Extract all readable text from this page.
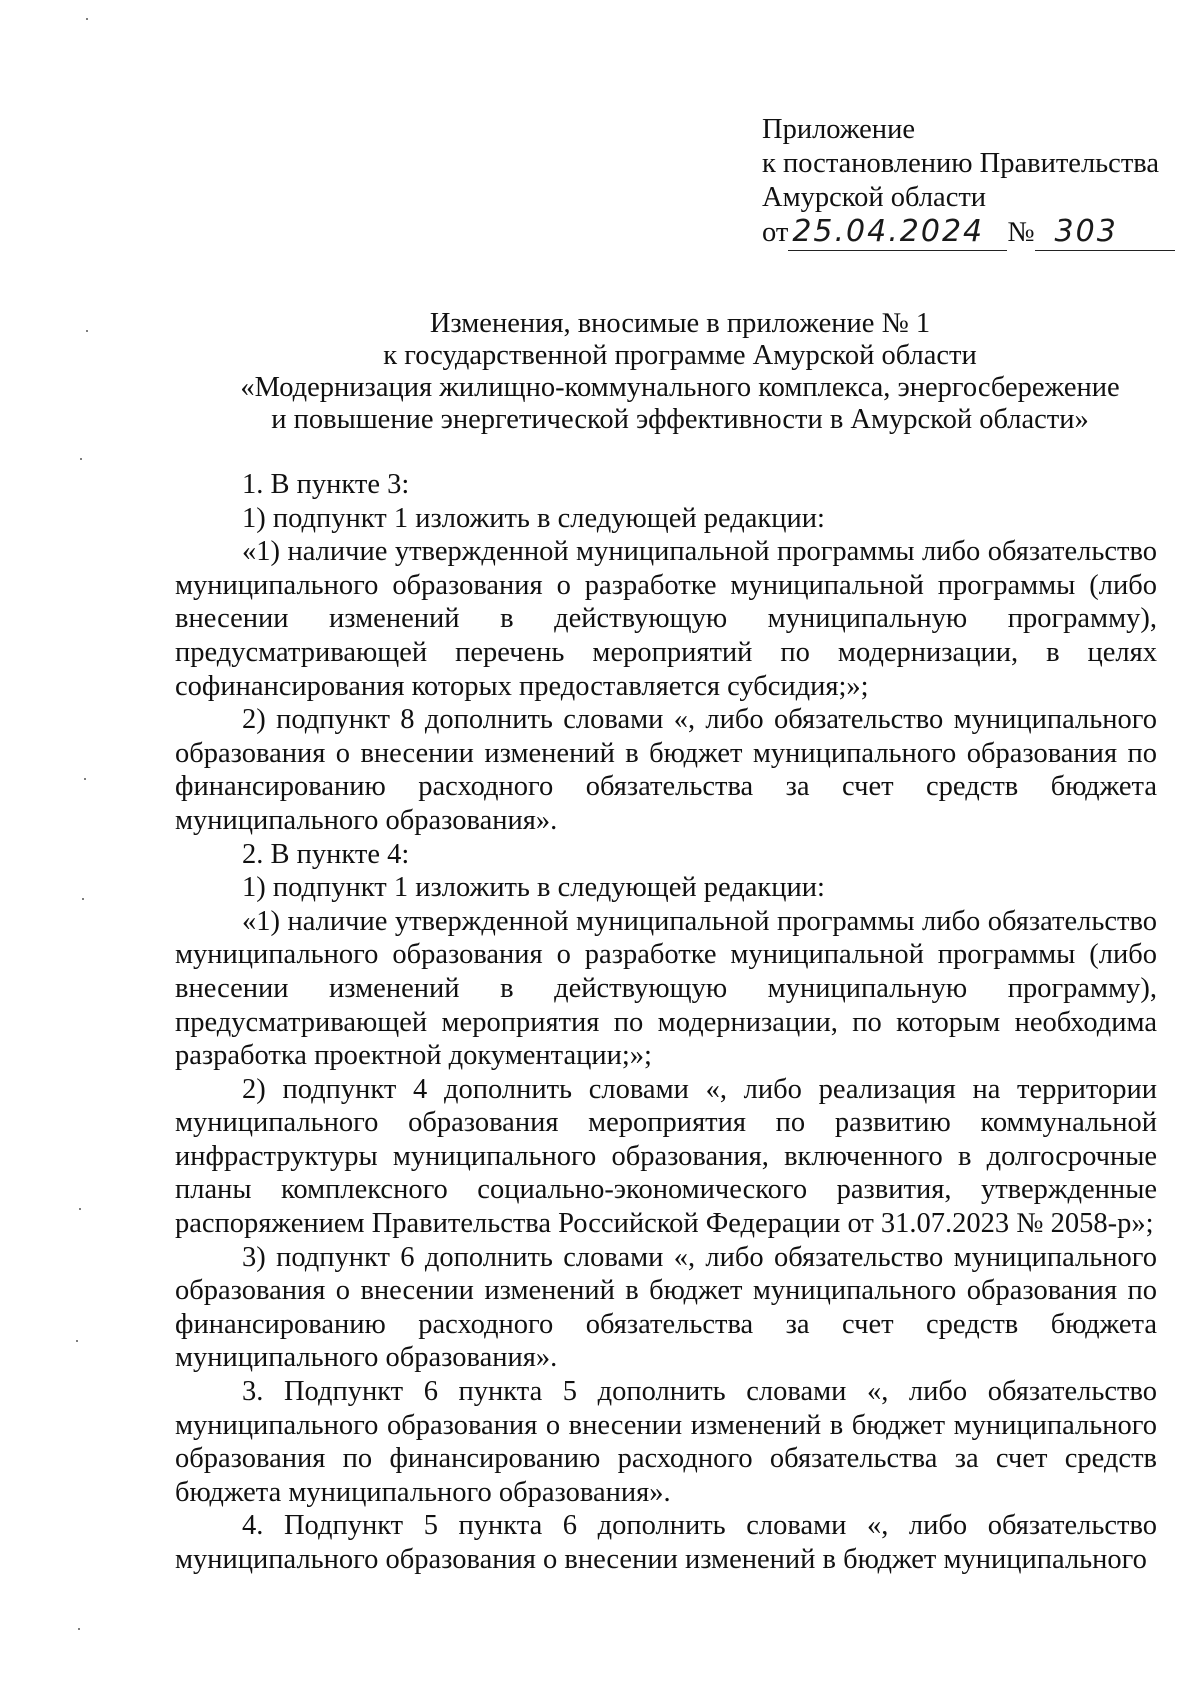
Приложение
к постановлению Правительства
Амурской области
от 25.04.2024 № 303
Изменения, вносимые в приложение № 1
к государственной программе Амурской области
«Модернизация жилищно-коммунального комплекса, энергосбережение
и повышение энергетической эффективности в Амурской области»

1. В пункте 3:

1) подпункт 1 изложить в следующей редакции:

«1) наличие утвержденной муниципальной программы либо обязательство муниципального образования о разработке муниципальной программы (либо внесении изменений в действующую муниципальную программу), предусматривающей перечень мероприятий по модернизации, в целях софинансирования которых предоставляется субсидия;»;

2) подпункт 8 дополнить словами «, либо обязательство муниципального образования о внесении изменений в бюджет муниципального образования по финансированию расходного обязательства за счет средств бюджета муниципального образования».

2. В пункте 4:

1) подпункт 1 изложить в следующей редакции:

«1) наличие утвержденной муниципальной программы либо обязательство муниципального образования о разработке муниципальной программы (либо внесении изменений в действующую муниципальную программу), предусматривающей мероприятия по модернизации, по которым необходима разработка проектной документации;»;

2) подпункт 4 дополнить словами «, либо реализация на территории муниципального образования мероприятия по развитию коммунальной инфраструктуры муниципального образования, включенного в долгосрочные планы комплексного социально-экономического развития, утвержденные распоряжением Правительства Российской Федерации от 31.07.2023 № 2058-р»;

3) подпункт 6 дополнить словами «, либо обязательство муниципального образования о внесении изменений в бюджет муниципального образования по финансированию расходного обязательства за счет средств бюджета муниципального образования».

3. Подпункт 6 пункта 5 дополнить словами «, либо обязательство муниципального образования о внесении изменений в бюджет муниципального образования по финансированию расходного обязательства за счет средств бюджета муниципального образования».

4. Подпункт 5 пункта 6 дополнить словами «, либо обязательство муниципального образования о внесении изменений в бюджет муниципального
